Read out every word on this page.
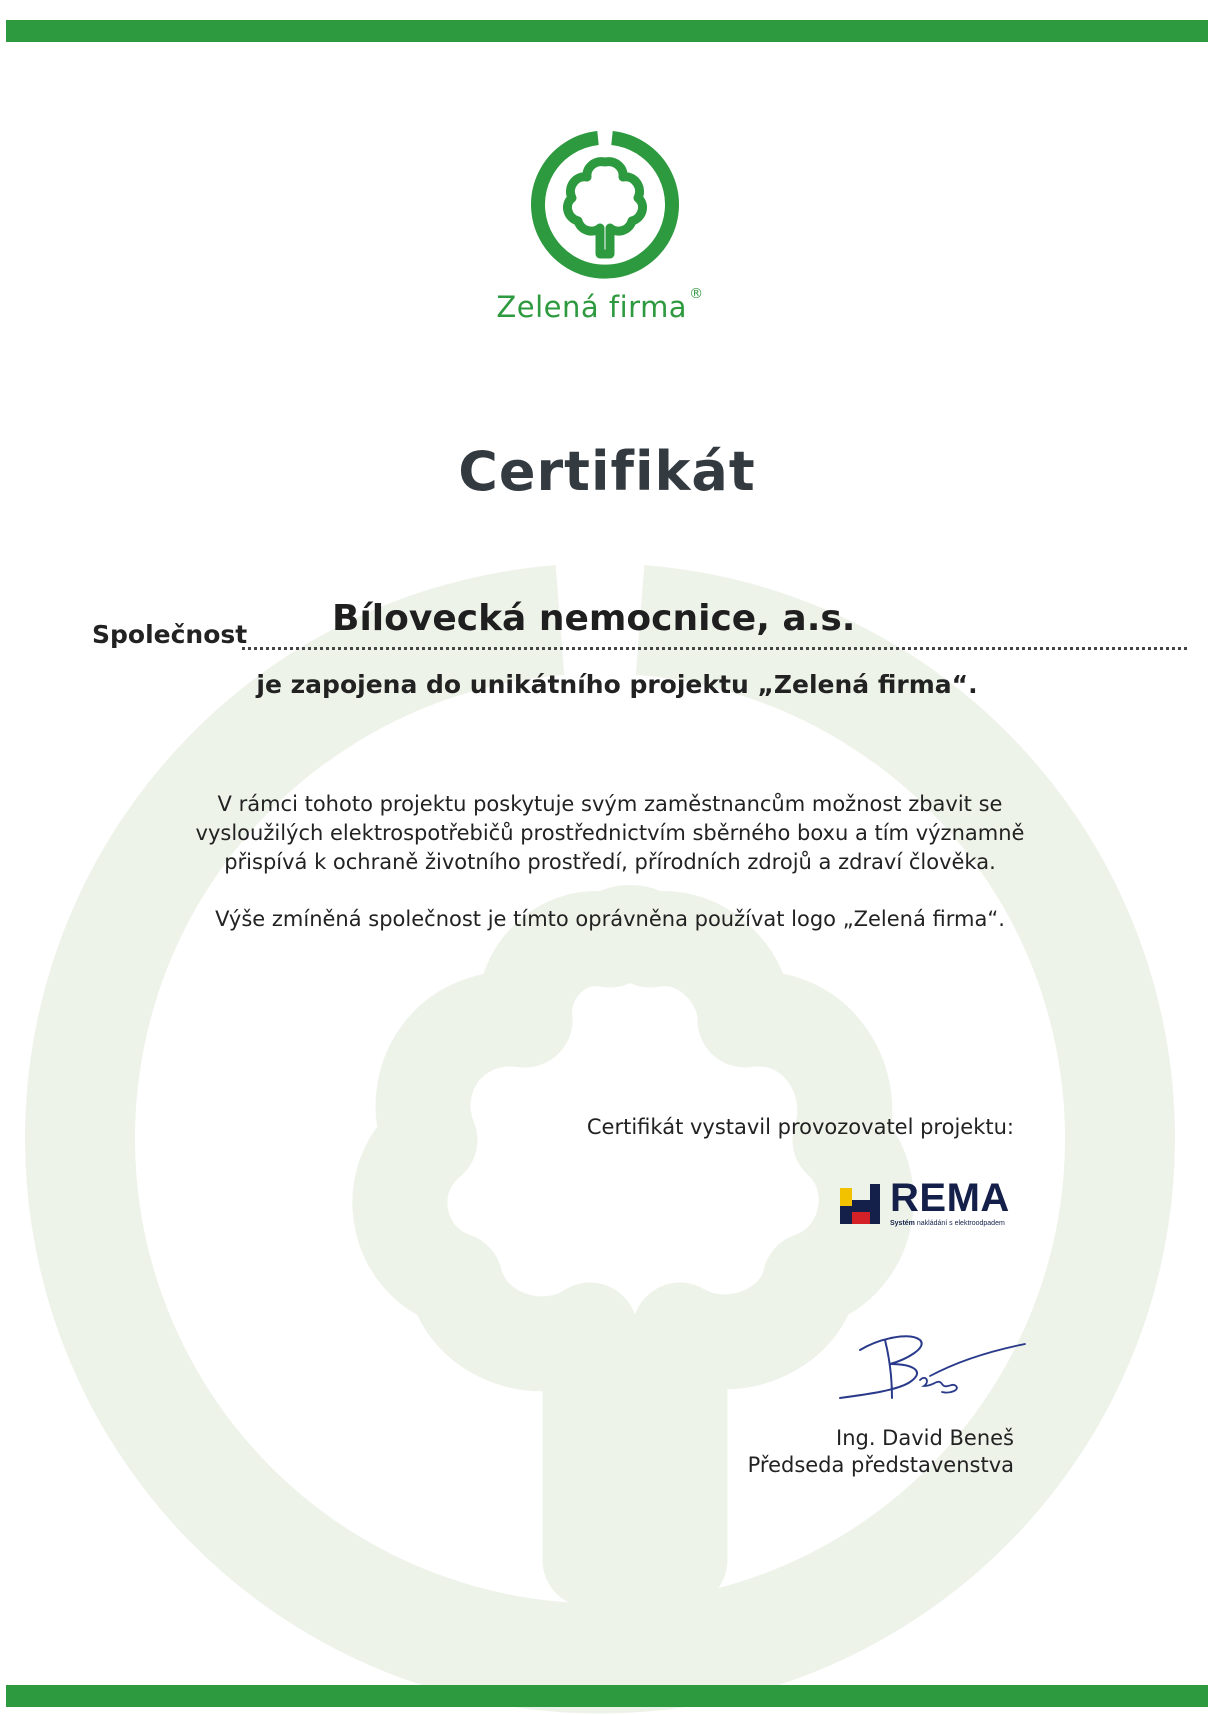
Zelená firma ®
Certifikát
Společnost Bílovecká nemocnice, a.s.
je zapojena do unikátního projektu „Zelená firma“.

V rámci tohoto projektu poskytuje svým zaměstnancům možnost zbavit se vysloužilých elektrospotřebičů prostřednictvím sběrného boxu a tím významně přispívá k ochraně životního prostředí, přírodních zdrojů a zdraví člověka.

Výše zmíněná společnost je tímto oprávněna používat logo „Zelená firma“.

Certifikát vystavil provozovatel projektu:
REMA
Systém nakládání s elektroodpadem
Ing. David Beneš
Předseda představenstva
